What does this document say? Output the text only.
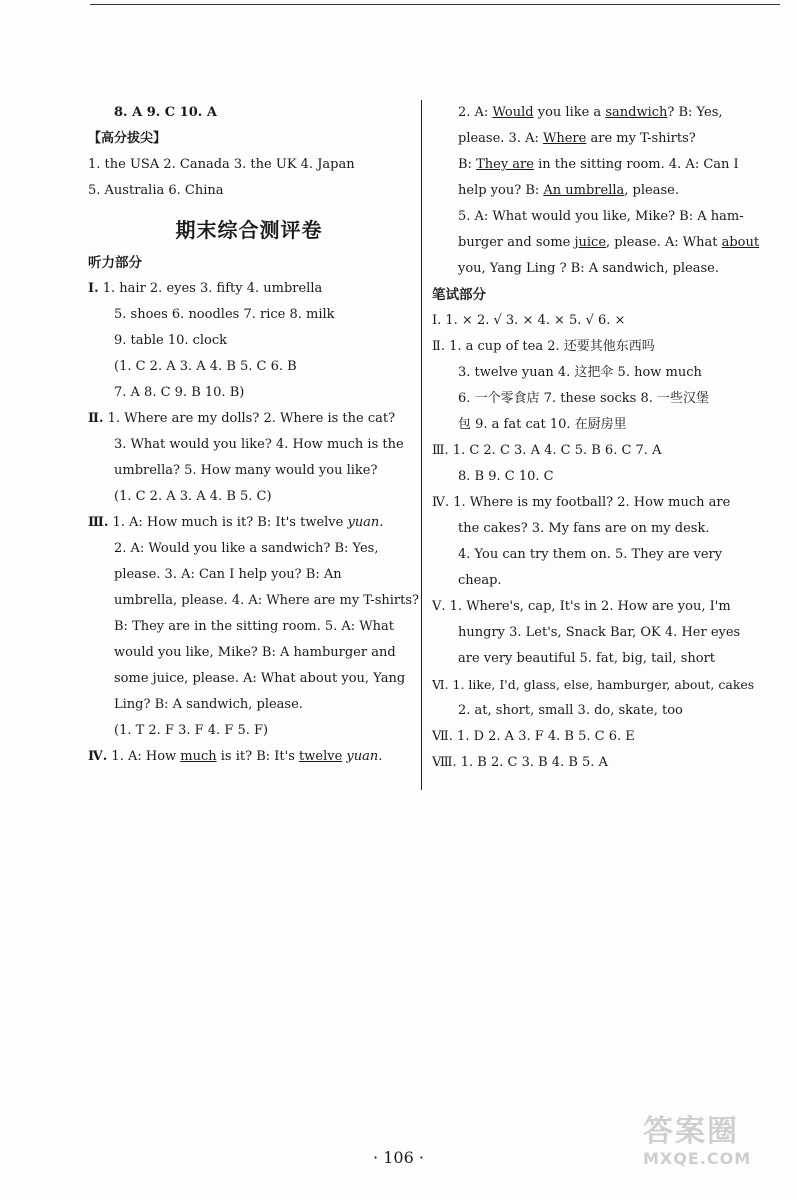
8. A 9. C 10. A
【高分拔尖】
1. the USA 2. Canada 3. the UK 4. Japan
5. Australia 6. China
期末综合测评卷
听力部分
Ⅰ. 1. hair 2. eyes 3. fifty 4. umbrella
5. shoes 6. noodles 7. rice 8. milk
9. table 10. clock
(1. C 2. A 3. A 4. B 5. C 6. B
7. A 8. C 9. B 10. B)
Ⅱ. 1. Where are my dolls? 2. Where is the cat?
3. What would you like? 4. How much is the
umbrella? 5. How many would you like?
(1. C 2. A 3. A 4. B 5. C)
Ⅲ. 1. A: How much is it? B: It's twelve yuan.
2. A: Would you like a sandwich? B: Yes,
please. 3. A: Can I help you? B: An
umbrella, please. 4. A: Where are my T-shirts?
B: They are in the sitting room. 5. A: What
would you like, Mike? B: A hamburger and
some juice, please. A: What about you, Yang
Ling? B: A sandwich, please.
(1. T 2. F 3. F 4. F 5. F)
Ⅳ. 1. A: How much is it? B: It's twelve yuan.
2. A: Would you like a sandwich? B: Yes,
please. 3. A: Where are my T-shirts?
B: They are in the sitting room. 4. A: Can I
help you? B: An umbrella, please.
5. A: What would you like, Mike? B: A ham-
burger and some juice, please. A: What about
you, Yang Ling ? B: A sandwich, please.
笔试部分
Ⅰ. 1. × 2. √ 3. × 4. × 5. √ 6. ×
Ⅱ. 1. a cup of tea 2. 还要其他东西吗
3. twelve yuan 4. 这把伞 5. how much
6. 一个零食店 7. these socks 8. 一些汉堡
包 9. a fat cat 10. 在厨房里
Ⅲ. 1. C 2. C 3. A 4. C 5. B 6. C 7. A
8. B 9. C 10. C
Ⅳ. 1. Where is my football? 2. How much are
the cakes? 3. My fans are on my desk.
4. You can try them on. 5. They are very
cheap.
Ⅴ. 1. Where's, cap, It's in 2. How are you, I'm
hungry 3. Let's, Snack Bar, OK 4. Her eyes
are very beautiful 5. fat, big, tail, short
Ⅵ. 1. like, I'd, glass, else, hamburger, about, cakes
2. at, short, small 3. do, skate, too
Ⅶ. 1. D 2. A 3. F 4. B 5. C 6. E
Ⅷ. 1. B 2. C 3. B 4. B 5. A
· 106 ·
答案圈
MXQE.COM
